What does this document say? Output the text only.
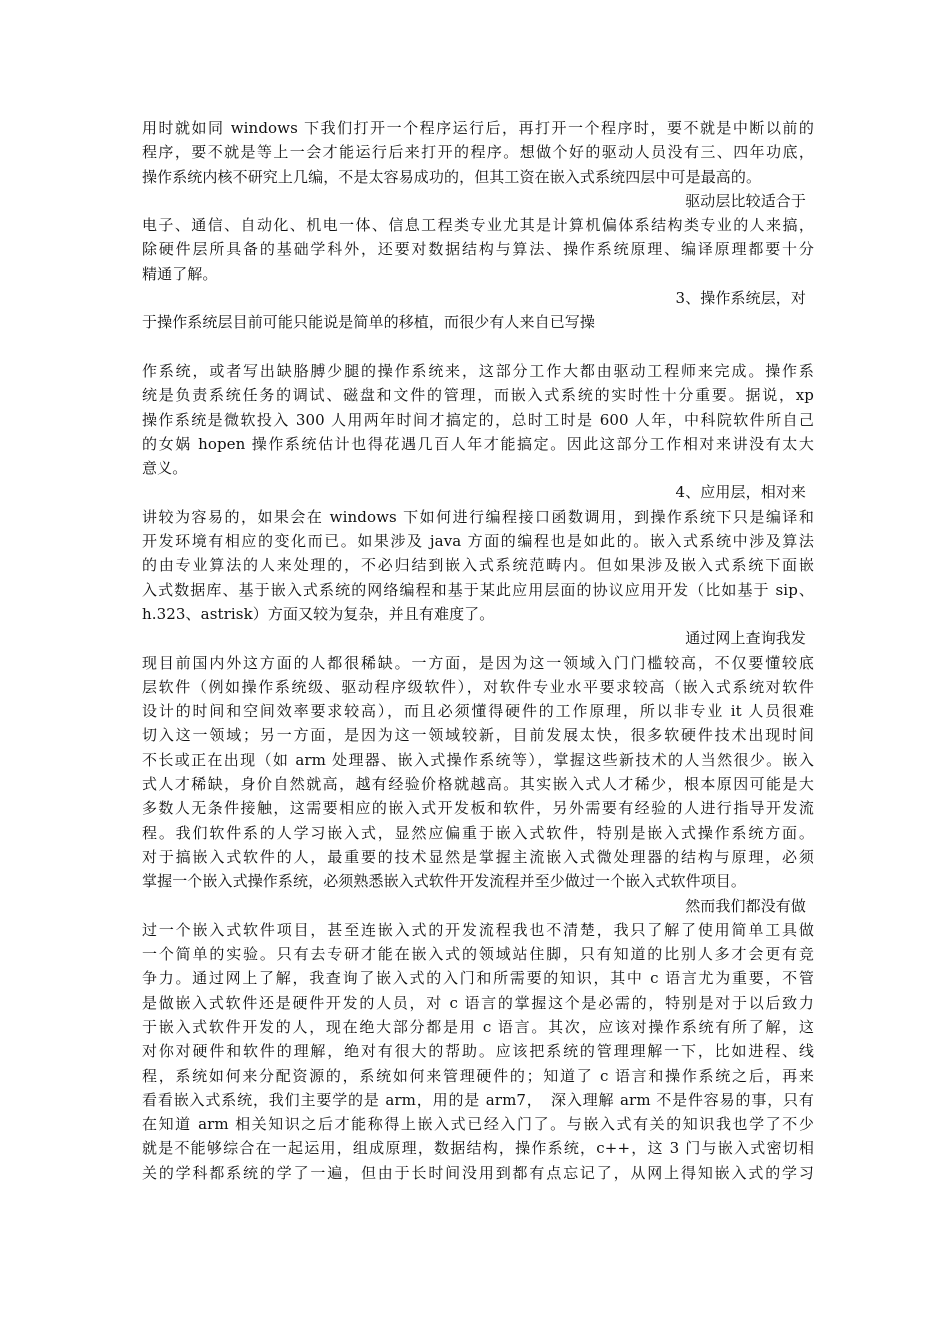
用时就如同 windows 下我们打开一个程序运行后，再打开一个程序时，要不就是中断以前的
程序，要不就是等上一会才能运行后来打开的程序。想做个好的驱动人员没有三、四年功底，
操作系统内核不研究上几编，不是太容易成功的，但其工资在嵌入式系统四层中可是最高的。
驱动层比较适合于
电子、通信、自动化、机电一体、信息工程类专业尤其是计算机偏体系结构类专业的人来搞，
除硬件层所具备的基础学科外，还要对数据结构与算法、操作系统原理、编译原理都要十分
精通了解。
3、操作系统层，对
于操作系统层目前可能只能说是简单的移植，而很少有人来自已写操
作系统，或者写出缺胳膊少腿的操作系统来，这部分工作大都由驱动工程师来完成。操作系
统是负责系统任务的调试、磁盘和文件的管理，而嵌入式系统的实时性十分重要。据说，xp
操作系统是微软投入 300 人用两年时间才搞定的，总时工时是 600 人年，中科院软件所自己
的女娲 hopen 操作系统估计也得花遇几百人年才能搞定。因此这部分工作相对来讲没有太大
意义。
4、应用层，相对来
讲较为容易的，如果会在 windows 下如何进行编程接口函数调用，到操作系统下只是编译和
开发环境有相应的变化而已。如果涉及 java 方面的编程也是如此的。嵌入式系统中涉及算法
的由专业算法的人来处理的，不必归结到嵌入式系统范畴内。但如果涉及嵌入式系统下面嵌
入式数据库、基于嵌入式系统的网络编程和基于某此应用层面的协议应用开发（比如基于 sip、
h.323、astrisk）方面又较为复杂，并且有难度了。
通过网上查询我发
现目前国内外这方面的人都很稀缺。一方面，是因为这一领域入门门槛较高，不仅要懂较底
层软件（例如操作系统级、驱动程序级软件），对软件专业水平要求较高（嵌入式系统对软件
设计的时间和空间效率要求较高），而且必须懂得硬件的工作原理，所以非专业 it 人员很难
切入这一领域；另一方面，是因为这一领域较新，目前发展太快，很多软硬件技术出现时间
不长或正在出现（如 arm 处理器、嵌入式操作系统等），掌握这些新技术的人当然很少。嵌入
式人才稀缺，身价自然就高，越有经验价格就越高。其实嵌入式人才稀少，根本原因可能是大
多数人无条件接触，这需要相应的嵌入式开发板和软件，另外需要有经验的人进行指导开发流
程。我们软件系的人学习嵌入式，显然应偏重于嵌入式软件，特别是嵌入式操作系统方面。
对于搞嵌入式软件的人，最重要的技术显然是掌握主流嵌入式微处理器的结构与原理，必须
掌握一个嵌入式操作系统，必须熟悉嵌入式软件开发流程并至少做过一个嵌入式软件项目。
然而我们都没有做
过一个嵌入式软件项目，甚至连嵌入式的开发流程我也不清楚，我只了解了使用简单工具做
一个简单的实验。只有去专研才能在嵌入式的领域站住脚，只有知道的比别人多才会更有竞
争力。通过网上了解，我查询了嵌入式的入门和所需要的知识，其中 c 语言尤为重要，不管
是做嵌入式软件还是硬件开发的人员，对 c 语言的掌握这个是必需的，特别是对于以后致力
于嵌入式软件开发的人，现在绝大部分都是用 c 语言。其次，应该对操作系统有所了解，这
对你对硬件和软件的理解，绝对有很大的帮助。应该把系统的管理理解一下，比如进程、线
程，系统如何来分配资源的，系统如何来管理硬件的；知道了 c 语言和操作系统之后，再来
看看嵌入式系统，我们主要学的是 arm，用的是 arm7，　深入理解 arm 不是件容易的事，只有
在知道 arm 相关知识之后才能称得上嵌入式已经入门了。与嵌入式有关的知识我也学了不少
就是不能够综合在一起运用，组成原理，数据结构，操作系统，c++，这 3 门与嵌入式密切相
关的学科都系统的学了一遍，但由于长时间没用到都有点忘记了，从网上得知嵌入式的学习
